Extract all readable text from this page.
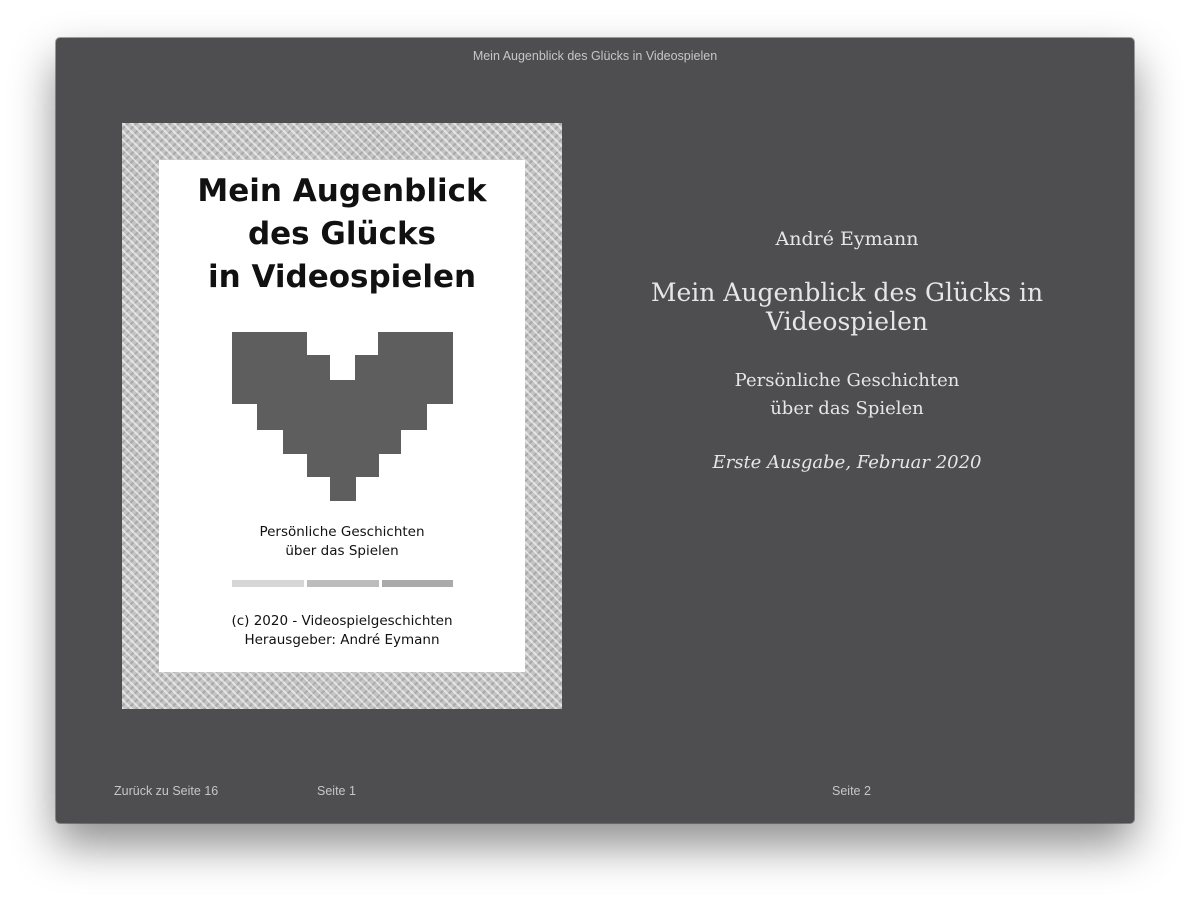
Mein Augenblick des Glücks in Videospielen
Mein Augenblick
des Glücks
in Videospielen
Persönliche Geschichten
über das Spielen
(c) 2020 - Videospielgeschichten
Herausgeber: André Eymann
André Eymann
Mein Augenblick des Glücks in Videospielen
Persönliche Geschichten
über das Spielen
Erste Ausgabe, Februar 2020
Zurück zu Seite 16	Seite 1	Seite 2
